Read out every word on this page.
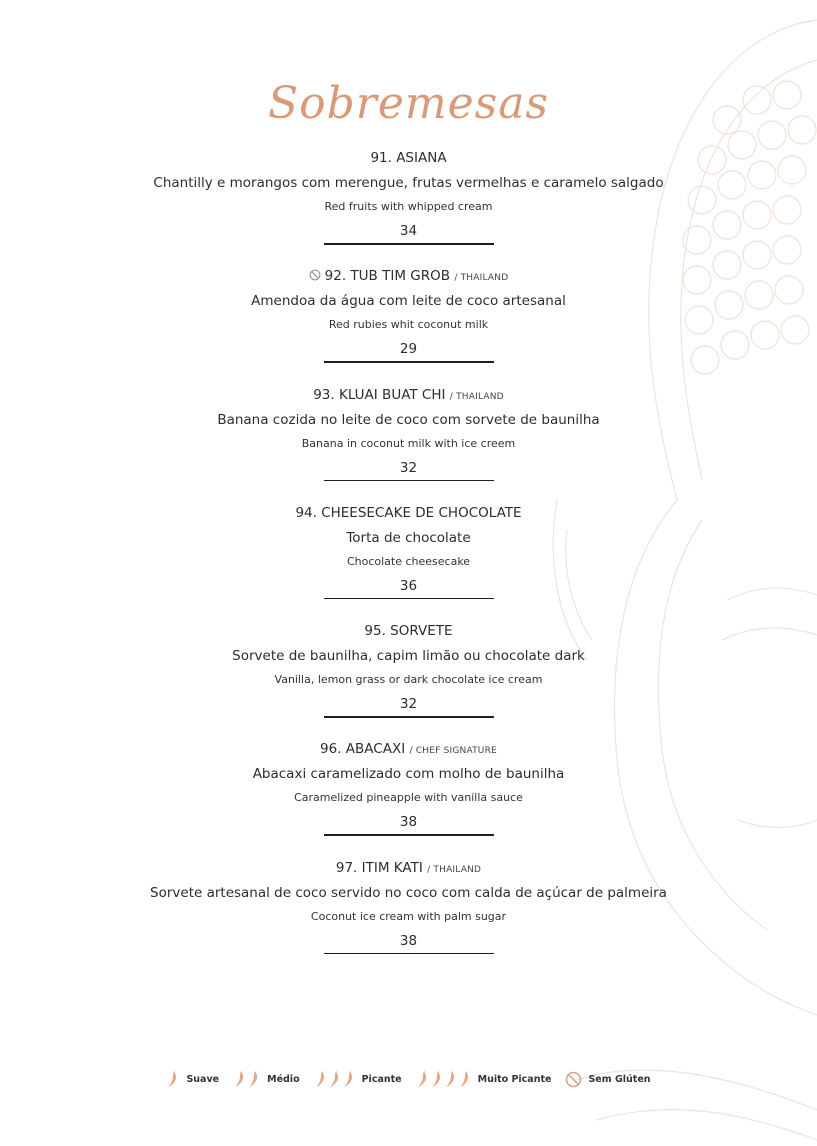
Sobremesas
91. ASIANA
Chantilly e morangos com merengue, frutas vermelhas e caramelo salgado
Red fruits with whipped cream
34
92. TUB TIM GROB / THAILAND
Amendoa da água com leite de coco artesanal
Red rubies whit coconut milk
29
93. KLUAI BUAT CHI / THAILAND
Banana cozida no leite de coco com sorvete de baunilha
Banana in coconut milk with ice creem
32
94. CHEESECAKE DE CHOCOLATE
Torta de chocolate
Chocolate cheesecake
36
95. SORVETE
Sorvete de baunilha, capim limão ou chocolate dark
Vanilla, lemon grass or dark chocolate ice cream
32
96. ABACAXI / CHEF SIGNATURE
Abacaxi caramelizado com molho de baunilha
Caramelized pineapple with vanilla sauce
38
97. ITIM KATI / THAILAND
Sorvete artesanal de coco servido no coco com calda de açúcar de palmeira
Coconut ice cream with palm sugar
38
Suave	Médio	Picante	Muito Picante	Sem Glúten
